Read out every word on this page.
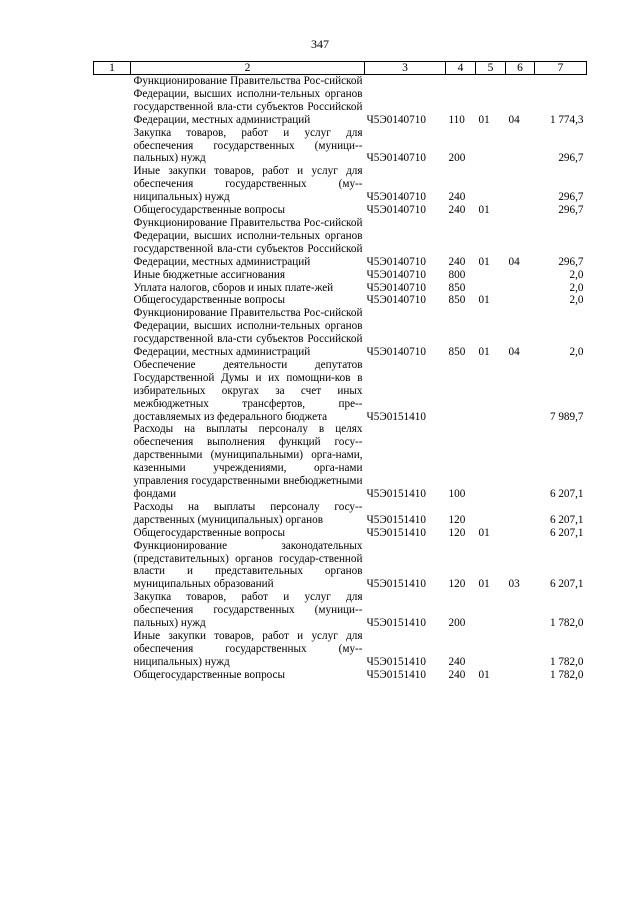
347
1	2	3	4	5	6	7
	Функционирование Правительства Рос-сийской Федерации, высших исполни-тельных органов государственной вла-сти субъектов Российской Федерации, местных администраций	Ч5Э0140710	110	01	04	1 774,3
	Закупка товаров, работ и услуг для обеспечения государственных (муници-пальных) нужд	Ч5Э0140710	200			296,7
	Иные закупки товаров, работ и услуг для обеспечения государственных (му-ниципальных) нужд	Ч5Э0140710	240			296,7
	Общегосударственные вопросы	Ч5Э0140710	240	01		296,7
	Функционирование Правительства Рос-сийской Федерации, высших исполни-тельных органов государственной вла-сти субъектов Российской Федерации, местных администраций	Ч5Э0140710	240	01	04	296,7
	Иные бюджетные ассигнования	Ч5Э0140710	800			2,0
	Уплата налогов, сборов и иных плате-жей	Ч5Э0140710	850			2,0
	Общегосударственные вопросы	Ч5Э0140710	850	01		2,0
	Функционирование Правительства Рос-сийской Федерации, высших исполни-тельных органов государственной вла-сти субъектов Российской Федерации, местных администраций	Ч5Э0140710	850	01	04	2,0
	Обеспечение деятельности депутатов Государственной Думы и их помощни-ков в избирательных округах за счет иных межбюджетных трансфертов, пре-доставляемых из федерального бюджета	Ч5Э0151410				7 989,7
	Расходы на выплаты персоналу в целях обеспечения выполнения функций госу-дарственными (муниципальными) орга-нами, казенными учреждениями, орга-нами управления государственными внебюджетными фондами	Ч5Э0151410	100			6 207,1
	Расходы на выплаты персоналу госу-дарственных (муниципальных) органов	Ч5Э0151410	120			6 207,1
	Общегосударственные вопросы	Ч5Э0151410	120	01		6 207,1
	Функционирование законодательных (представительных) органов государ-ственной власти и представительных органов муниципальных образований	Ч5Э0151410	120	01	03	6 207,1
	Закупка товаров, работ и услуг для обеспечения государственных (муници-пальных) нужд	Ч5Э0151410	200			1 782,0
	Иные закупки товаров, работ и услуг для обеспечения государственных (му-ниципальных) нужд	Ч5Э0151410	240			1 782,0
	Общегосударственные вопросы	Ч5Э0151410	240	01		1 782,0
